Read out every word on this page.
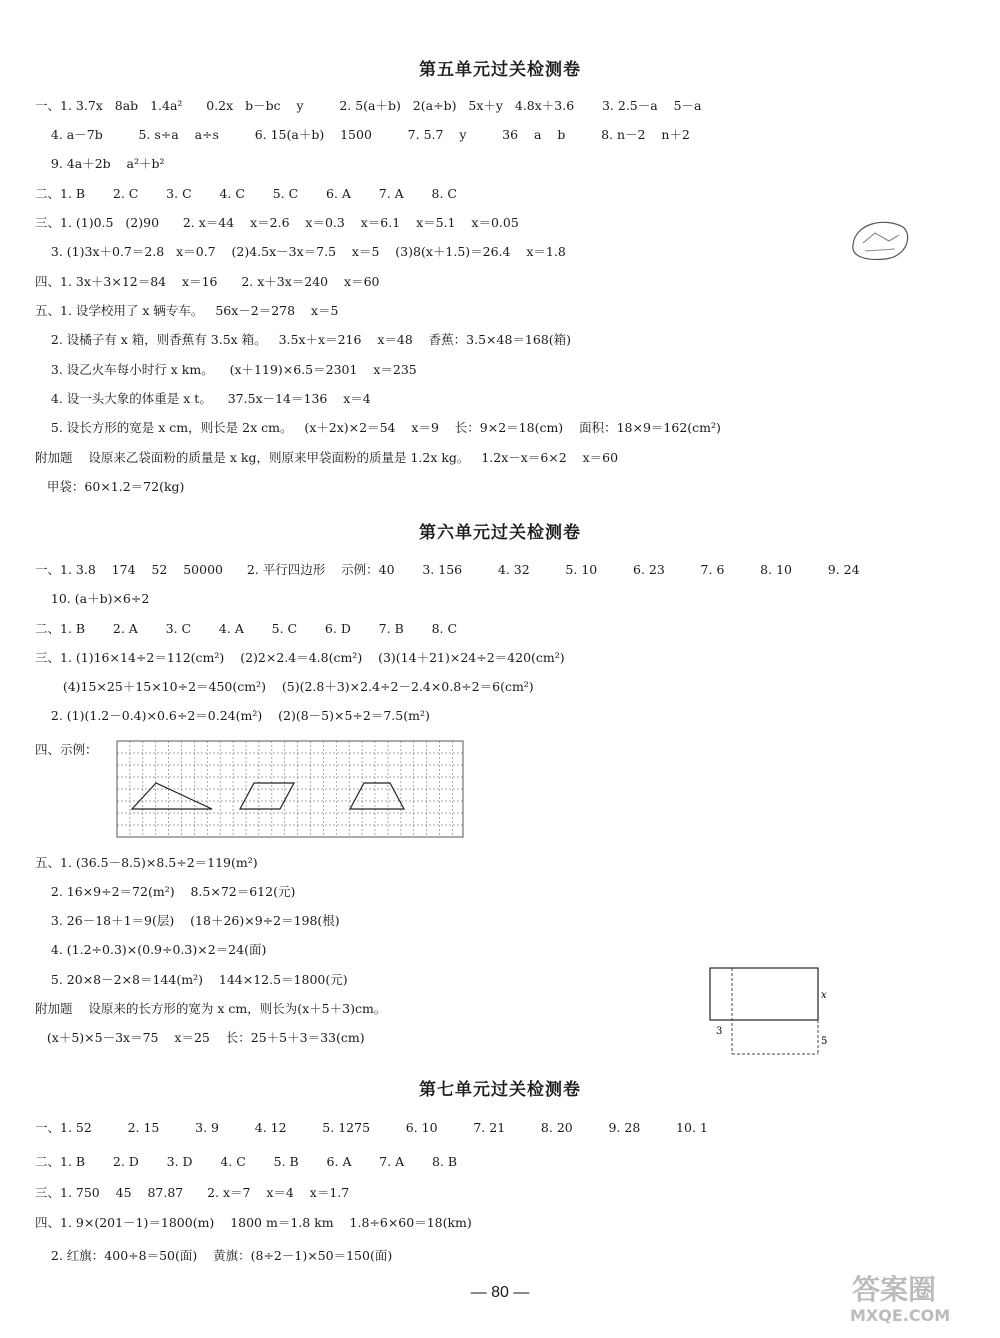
第五单元过关检测卷
一、1. 3.7x   8ab   1.4a²      0.2x   b－bc    y         2. 5(a＋b)   2(a÷b)   5x＋y   4.8x＋3.6       3. 2.5－a    5－a
4. a－7b         5. s÷a    a÷s         6. 15(a＋b)    1500         7. 5.7    y         36    a    b         8. n－2    n＋2
9. 4a＋2b    a²＋b²
二、1. B       2. C       3. C       4. C       5. C       6. A       7. A       8. C
三、1. (1)0.5   (2)90      2. x＝44    x＝2.6    x＝0.3    x＝6.1    x＝5.1    x＝0.05
3. (1)3x＋0.7＝2.8   x＝0.7    (2)4.5x－3x＝7.5    x＝5    (3)8(x＋1.5)＝26.4    x＝1.8
四、1. 3x＋3×12＝84    x＝16      2. x＋3x＝240    x＝60
五、1. 设学校用了 x 辆专车。   56x－2＝278    x＝5
2. 设橘子有 x 箱，则香蕉有 3.5x 箱。   3.5x＋x＝216    x＝48    香蕉：3.5×48＝168(箱)
3. 设乙火车每小时行 x km。    (x＋119)×6.5＝2301    x＝235
4. 设一头大象的体重是 x t。    37.5x－14＝136    x＝4
5. 设长方形的宽是 x cm，则长是 2x cm。   (x＋2x)×2＝54    x＝9    长：9×2＝18(cm)    面积：18×9＝162(cm²)
附加题    设原来乙袋面粉的质量是 x kg，则原来甲袋面粉的质量是 1.2x kg。   1.2x－x＝6×2    x＝60
甲袋：60×1.2＝72(kg)
第六单元过关检测卷
一、1. 3.8    174    52    50000      2. 平行四边形    示例：40       3. 156         4. 32         5. 10         6. 23         7. 6         8. 10         9. 24
10. (a＋b)×6÷2
二、1. B       2. A       3. C       4. A       5. C       6. D       7. B       8. C
三、1. (1)16×14÷2＝112(cm²)    (2)2×2.4＝4.8(cm²)    (3)(14＋21)×24÷2＝420(cm²)
(4)15×25＋15×10÷2＝450(cm²)    (5)(2.8＋3)×2.4÷2－2.4×0.8÷2＝6(cm²)
2. (1)(1.2－0.4)×0.6÷2＝0.24(m²)    (2)(8－5)×5÷2＝7.5(m²)
四、示例：
五、1. (36.5－8.5)×8.5÷2＝119(m²)
2. 16×9÷2＝72(m²)    8.5×72＝612(元)
3. 26－18＋1＝9(层)    (18＋26)×9÷2＝198(根)
4. (1.2÷0.3)×(0.9÷0.3)×2＝24(面)
5. 20×8－2×8＝144(m²)    144×12.5＝1800(元)
附加题    设原来的长方形的宽为 x cm，则长为(x＋5＋3)cm。
(x＋5)×5－3x＝75    x＝25    长：25＋5＋3＝33(cm)
x
3
5
第七单元过关检测卷
一、1. 52         2. 15         3. 9         4. 12         5. 1275         6. 10         7. 21         8. 20         9. 28         10. 1
二、1. B       2. D       3. D       4. C       5. B       6. A       7. A       8. B
三、1. 750    45    87.87      2. x＝7    x＝4    x＝1.7
四、1. 9×(201－1)＝1800(m)    1800 m＝1.8 km    1.8÷6×60＝18(km)
2. 红旗：400÷8＝50(面)    黄旗：(8÷2－1)×50＝150(面)
— 80 —	答案圈
MXQE.COM
